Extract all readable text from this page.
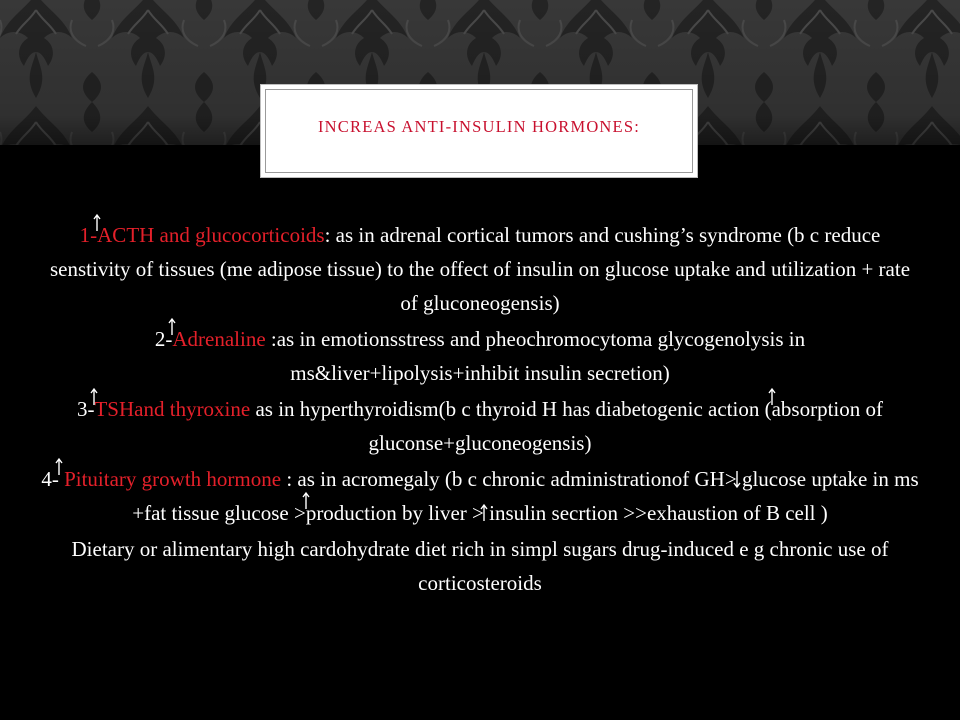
INCREAS ANTI-INSULIN HORMONES:

1-
ACTH and glucocorticoids: as in adrenal cortical tumors and cushing’s syndrome (b c reduce senstivity of tissues (me adipose tissue) to the offect of insulin on glucose uptake and utilization + rate of gluconeogensis)

2-
Adrenaline :as in emotionsstress and pheochromocytoma glycogenolysis in ms&liver+lipolysis+inhibit insulin secretion)

3-
TSHand thyroxine as in hyperthyroidism(b c thyroid H has diabetogenic action (
absorption of gluconse+gluconeogensis)

4-
Pituitary growth hormone : as in acromegaly (b c chronic administrationof GH>
glucose uptake in ms +fat tissue glucose >
production by liver >
insulin secrtion >>exhaustion of B cell )

Dietary or alimentary high cardohydrate diet rich in simpl sugars drug-induced e g chronic use of corticosteroids
